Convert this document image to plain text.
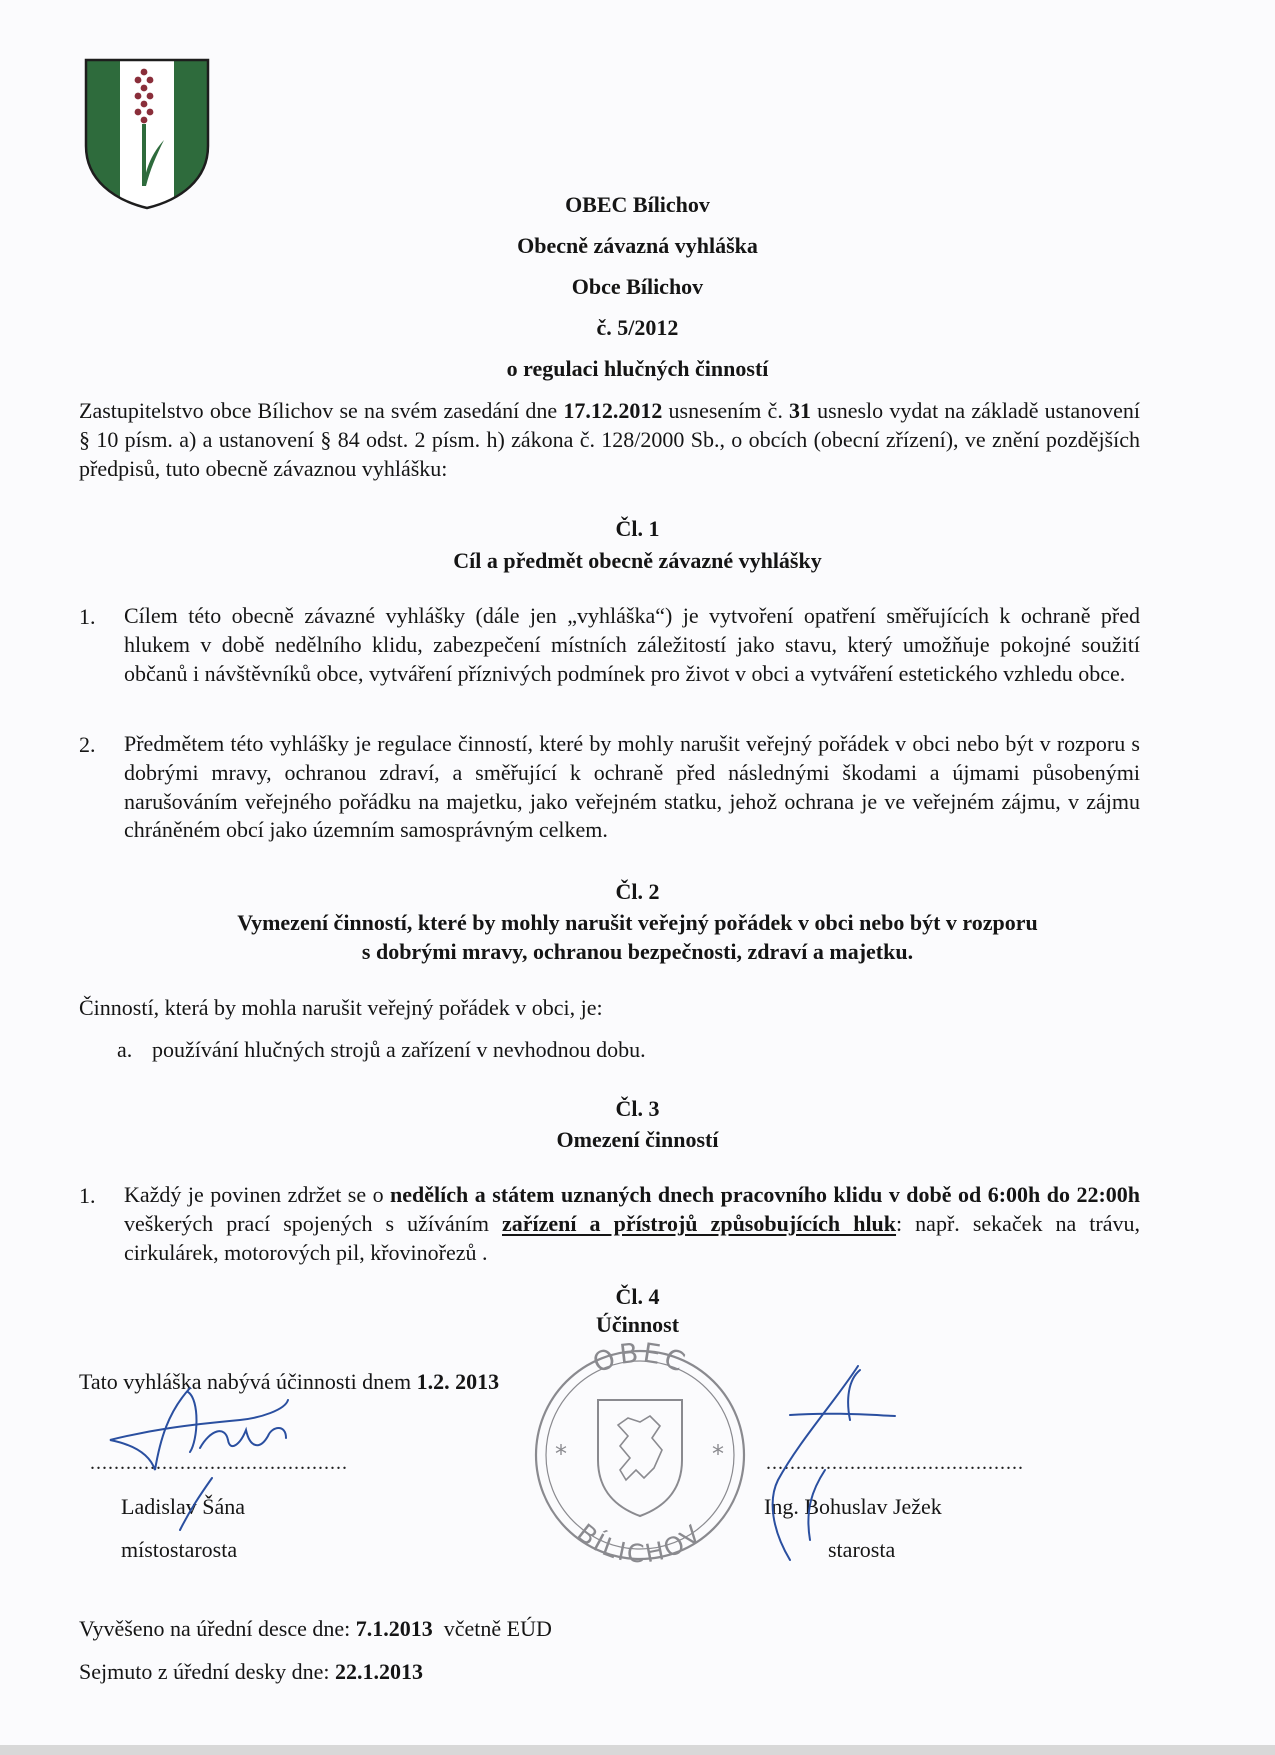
OBEC Bílichov
Obecně závazná vyhláška
Obce Bílichov
č. 5/2012
o regulaci hlučných činností
Zastupitelstvo obce Bílichov se na svém zasedání dne 17.12.2012 usnesením č. 31 usneslo vydat na základě ustanovení § 10 písm. a) a ustanovení § 84 odst. 2 písm. h) zákona č. 128/2000 Sb., o obcích (obecní zřízení), ve znění pozdějších předpisů, tuto obecně závaznou vyhlášku:
Čl. 1
Cíl a předmět obecně závazné vyhlášky
1. Cílem této obecně závazné vyhlášky (dále jen „vyhláška“) je vytvoření opatření směřujících k ochraně před hlukem v době nedělního klidu, zabezpečení místních záležitostí jako stavu, který umožňuje pokojné soužití občanů i návštěvníků obce, vytváření příznivých podmínek pro život v obci a vytváření estetického vzhledu obce.
2. Předmětem této vyhlášky je regulace činností, které by mohly narušit veřejný pořádek v obci nebo být v rozporu s dobrými mravy, ochranou zdraví, a směřující k ochraně před následnými škodami a újmami působenými narušováním veřejného pořádku na majetku, jako veřejném statku, jehož ochrana je ve veřejném zájmu, v zájmu chráněném obcí jako územním samosprávným celkem.
Čl. 2
Vymezení činností, které by mohly narušit veřejný pořádek v obci nebo být v rozporu
s dobrými mravy, ochranou bezpečnosti, zdraví a majetku.
Činností, která by mohla narušit veřejný pořádek v obci, je:
a. používání hlučných strojů a zařízení v nevhodnou dobu.
Čl. 3
Omezení činností
1. Každý je povinen zdržet se o nedělích a státem uznaných dnech pracovního klidu v době od 6:00h do 22:00h veškerých prací spojených s užíváním zařízení a přístrojů způsobujících hluk: např. sekaček na trávu, cirkulárek, motorových pil, křovinořezů .
Čl. 4
Účinnost
Tato vyhláška nabývá účinnosti dnem 1.2. 2013
...........................................	...........................................
Ladislav Šána
místostarosta
Ing. Bohuslav Ježek
starosta
Vyvěšeno na úřední desce dne: 7.1.2013  včetně EÚD
Sejmuto z úřední desky dne: 22.1.2013
*	*
OBEC
BÍLICHOV
